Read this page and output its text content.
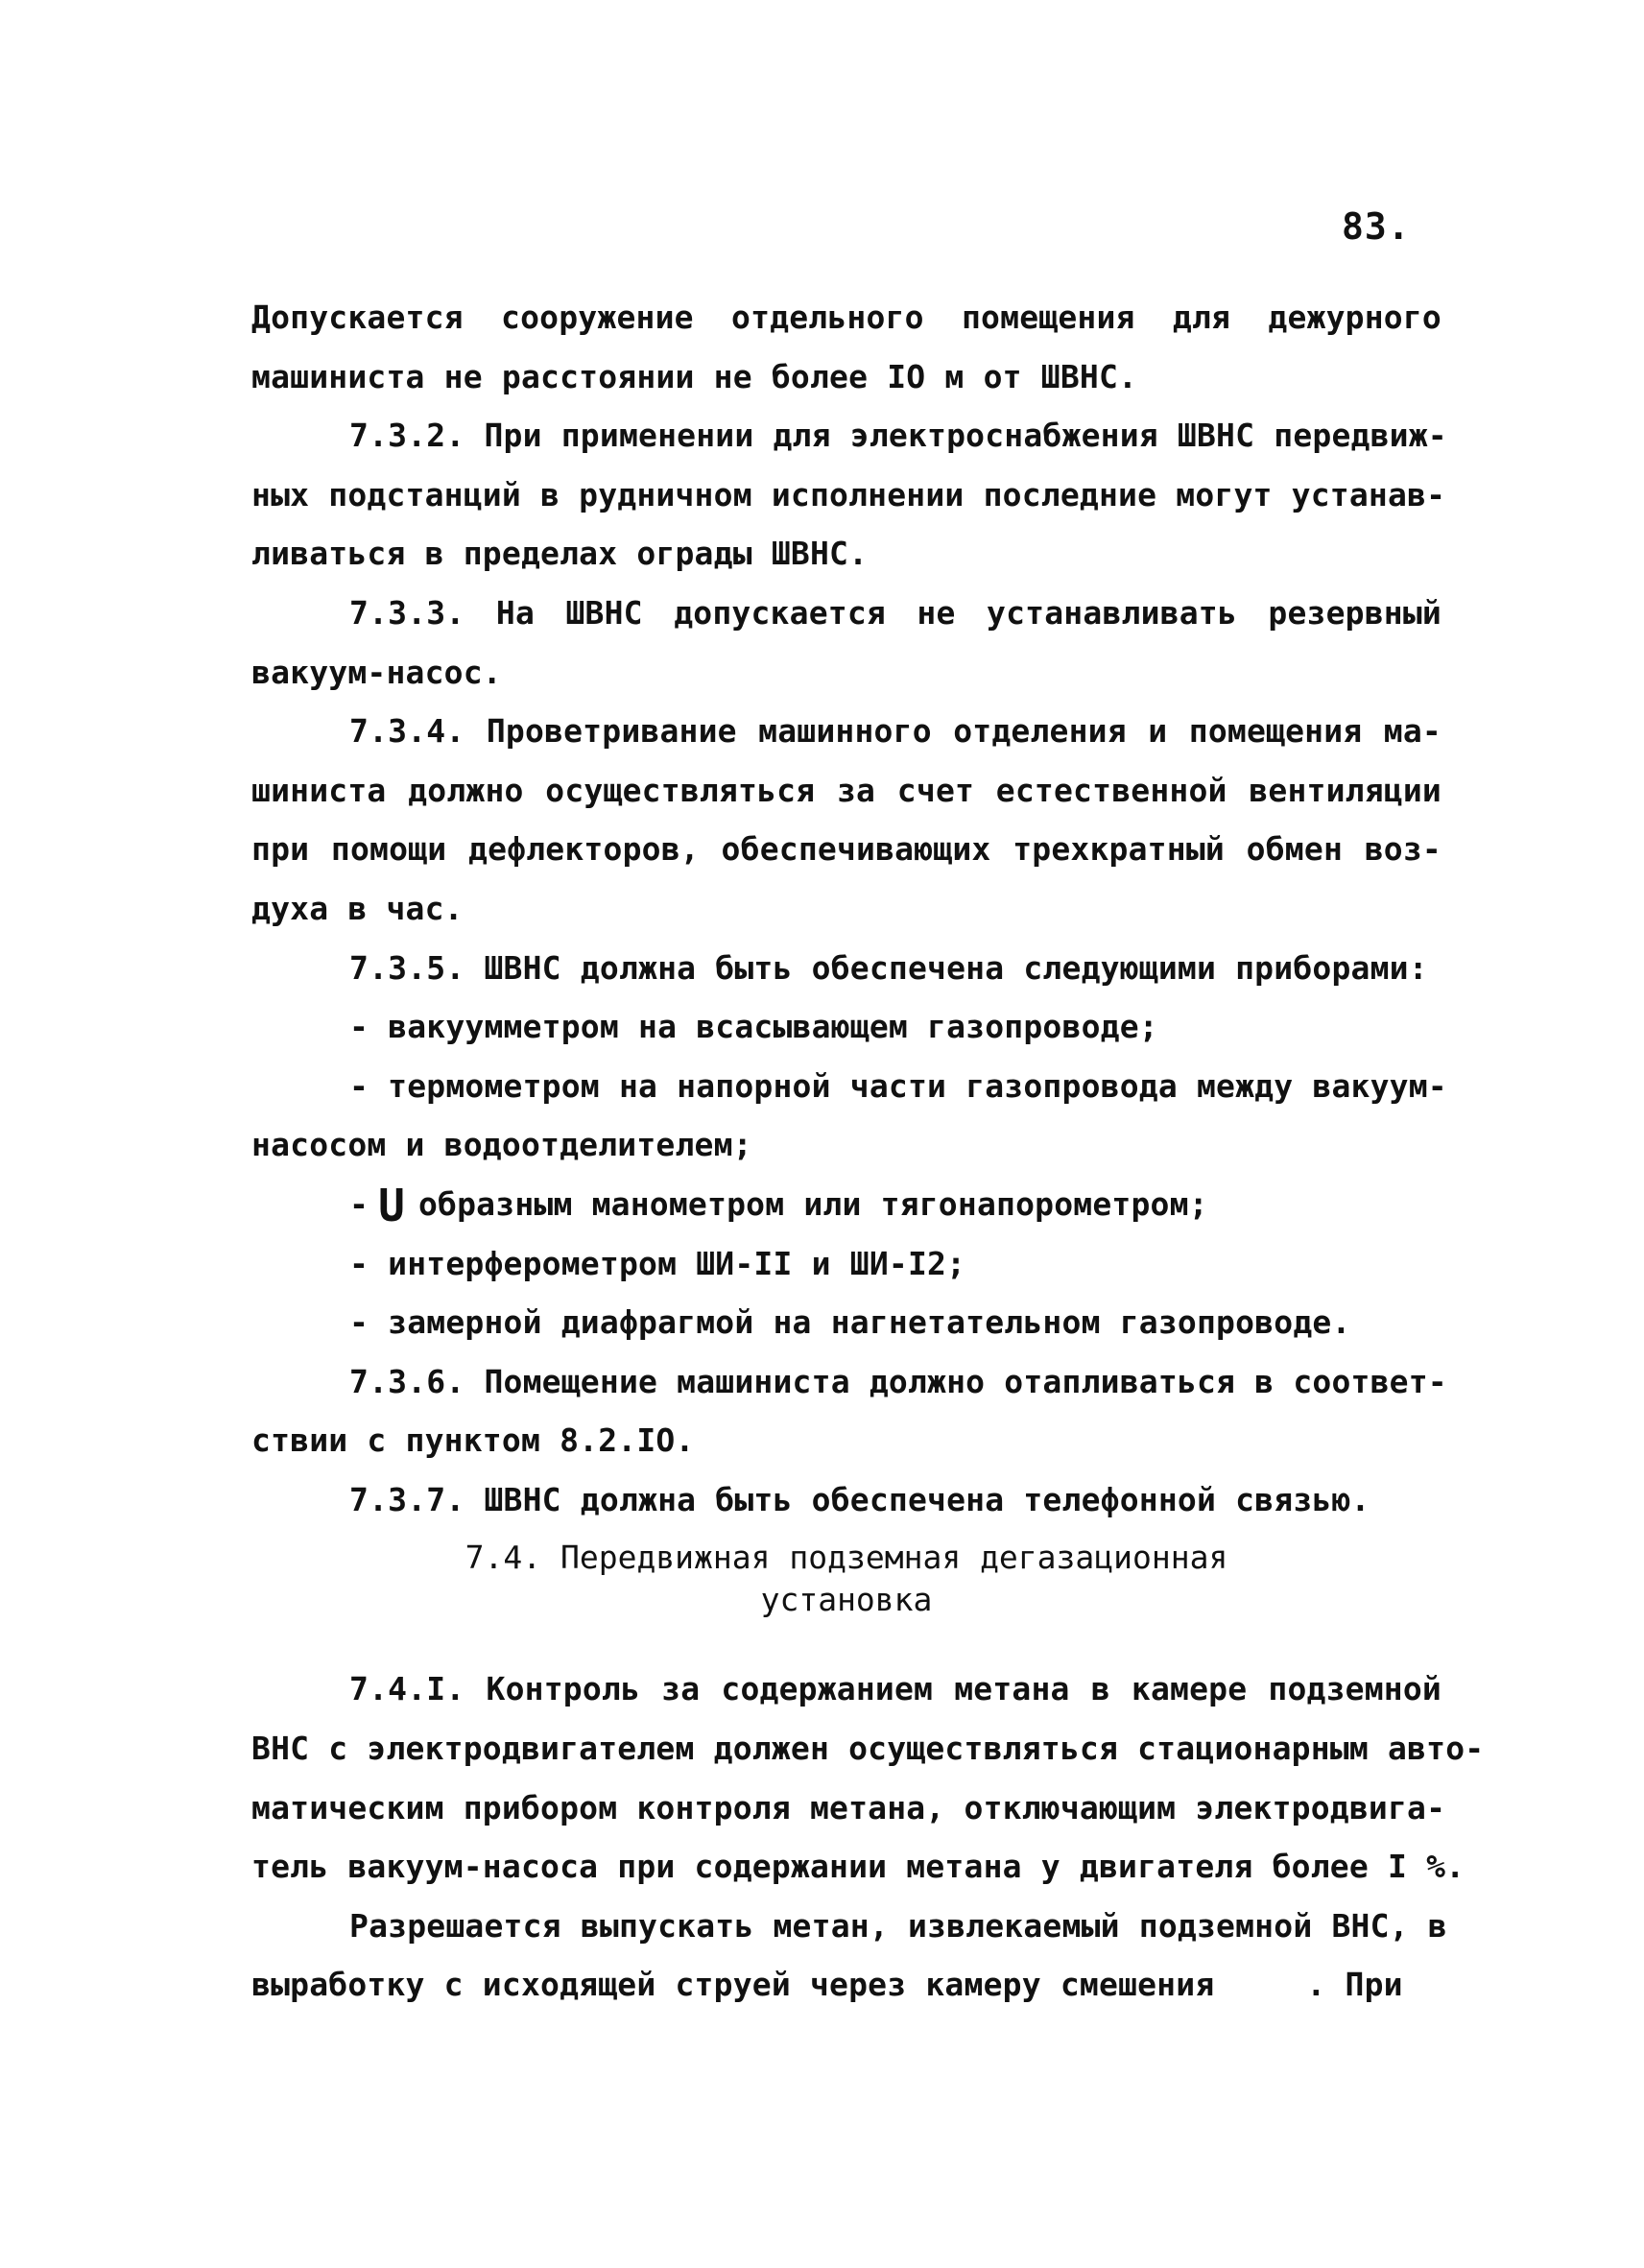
83.
Допускается сооружение отдельного помещения для дежурного
машиниста не расстоянии не более IO м от ШВНС.
7.3.2. При применении для электроснабжения ШВНС передвиж-
ных подстанций в рудничном исполнении последние могут устанав-
ливаться в пределах ограды ШВНС.
7.3.3. На ШВНС допускается не устанавливать резервный
вакуум-насос.
7.3.4. Проветривание машинного отделения и помещения ма-
шиниста должно осуществляться за счет естественной вентиляции
при помощи дефлекторов, обеспечивающих трехкратный обмен воз-
духа в час.
7.3.5. ШВНС должна быть обеспечена следующими приборами:
- вакуумметром на всасывающем газопроводе;
- термометром на напорной части газопровода между вакуум-
насосом и водоотделителем;
- U образным манометром или тягонапорометром;
- интерферометром ШИ-II и ШИ-I2;
- замерной диафрагмой на нагнетательном газопроводе.
7.3.6. Помещение машиниста должно отапливаться в соответ-
ствии с пунктом 8.2.IO.
7.3.7. ШВНС должна быть обеспечена телефонной связью.
7.4. Передвижная подземная дегазационная
установка
7.4.I. Контроль за содержанием метана в камере подземной
ВНС с электродвигателем должен осуществляться стационарным авто-
матическим прибором контроля метана, отключающим электродвига-
тель вакуум-насоса при содержании метана у двигателя более I %.
Разрешается выпускать метан, извлекаемый подземной ВНС, в
выработку с исходящей струей через камеру смешения	. При
